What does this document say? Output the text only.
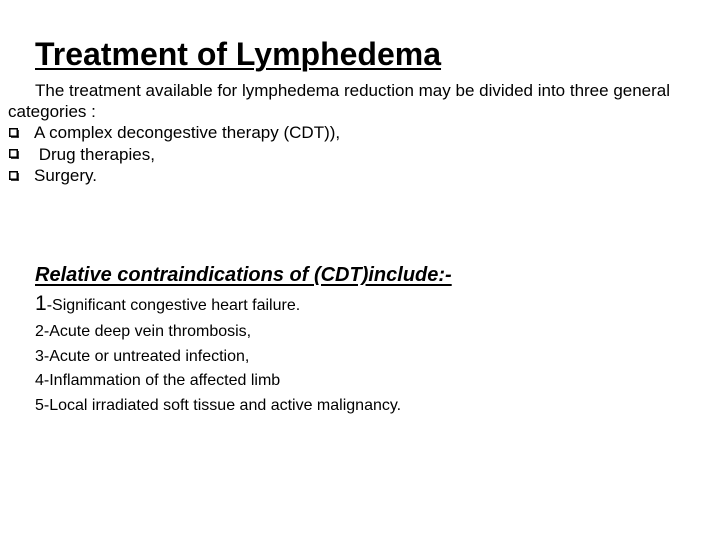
Treatment of Lymphedema

The treatment available for lymphedema reduction may be divided into three general categories :

A complex decongestive therapy (CDT)),
Drug therapies,
Surgery.
Relative contraindications of (CDT)include:-
1-Significant congestive heart failure.
2-Acute deep vein thrombosis,
3-Acute or untreated infection,
4-Inflammation of the affected limb
5-Local irradiated soft tissue and active malignancy.
